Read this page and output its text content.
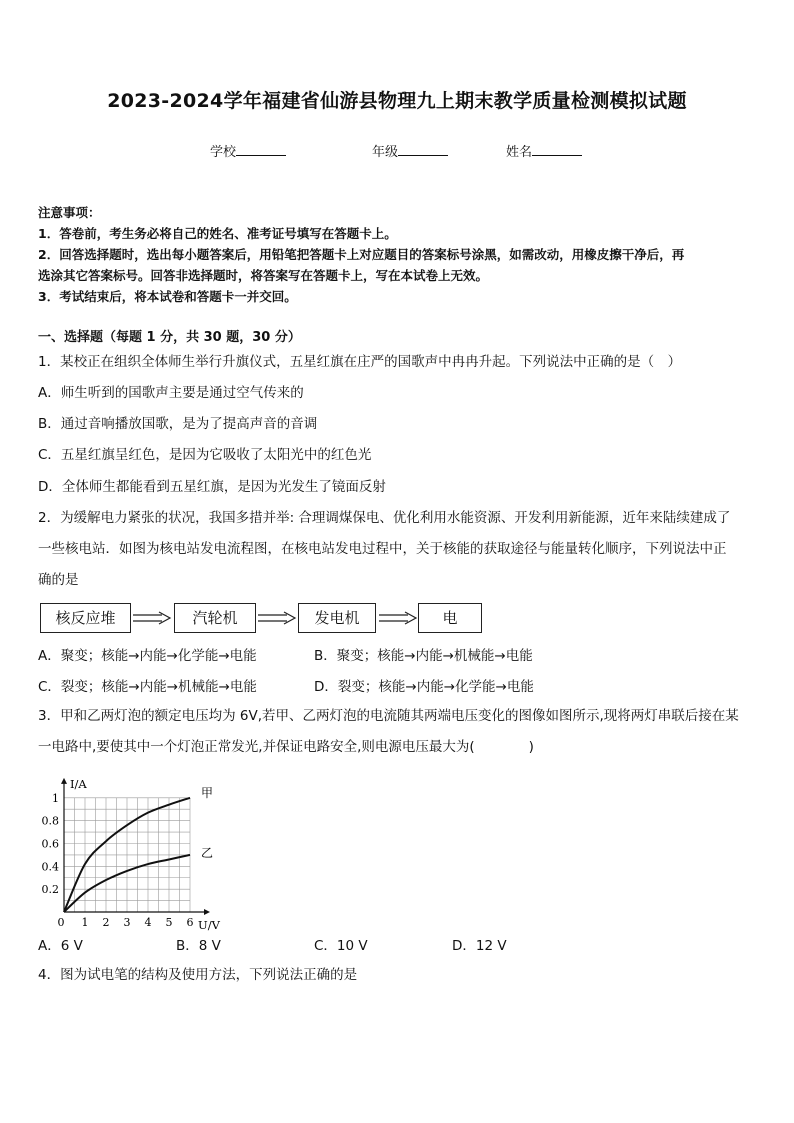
2023-2024学年福建省仙游县物理九上期末教学质量检测模拟试题
学校	年级	姓名
注意事项：
1．答卷前，考生务必将自己的姓名、准考证号填写在答题卡上。
2．回答选择题时，选出每小题答案后，用铅笔把答题卡上对应题目的答案标号涂黑，如需改动，用橡皮擦干净后，再
选涂其它答案标号。回答非选择题时，将答案写在答题卡上，写在本试卷上无效。
3．考试结束后，将本试卷和答题卡一并交回。
一、选择题（每题 1 分，共 30 题，30 分）
1．某校正在组织全体师生举行升旗仪式，五星红旗在庄严的国歌声中冉冉升起。下列说法中正确的是（　）
A．师生听到的国歌声主要是通过空气传来的
B．通过音响播放国歌，是为了提高声音的音调
C．五星红旗呈红色，是因为它吸收了太阳光中的红色光
D．全体师生都能看到五星红旗，是因为光发生了镜面反射
2．为缓解电力紧张的状况，我国多措并举: 合理调煤保电、优化利用水能资源、开发利用新能源，近年来陆续建成了
一些核电站．如图为核电站发电流程图，在核电站发电过程中，关于核能的获取途径与能量转化顺序，下列说法中正
确的是
核反应堆	汽轮机	发电机	电
A．聚变；核能→内能→化学能→电能	B．聚变；核能→内能→机械能→电能
C．裂变；核能→内能→机械能→电能	D．裂变；核能→内能→化学能→电能
3．甲和乙两灯泡的额定电压均为 6V,若甲、乙两灯泡的电流随其两端电压变化的图像如图所示,现将两灯串联后接在某
一电路中,要使其中一个灯泡正常发光,并保证电路安全,则电源电压最大为(　　　　)
0 1 2 3 4 5 6
0.2
0.4
0.6
0.8
1
I/A
U/V
甲
乙
A．6 V	B．8 V	C．10 V	D．12 V
4．图为试电笔的结构及使用方法，下列说法正确的是
